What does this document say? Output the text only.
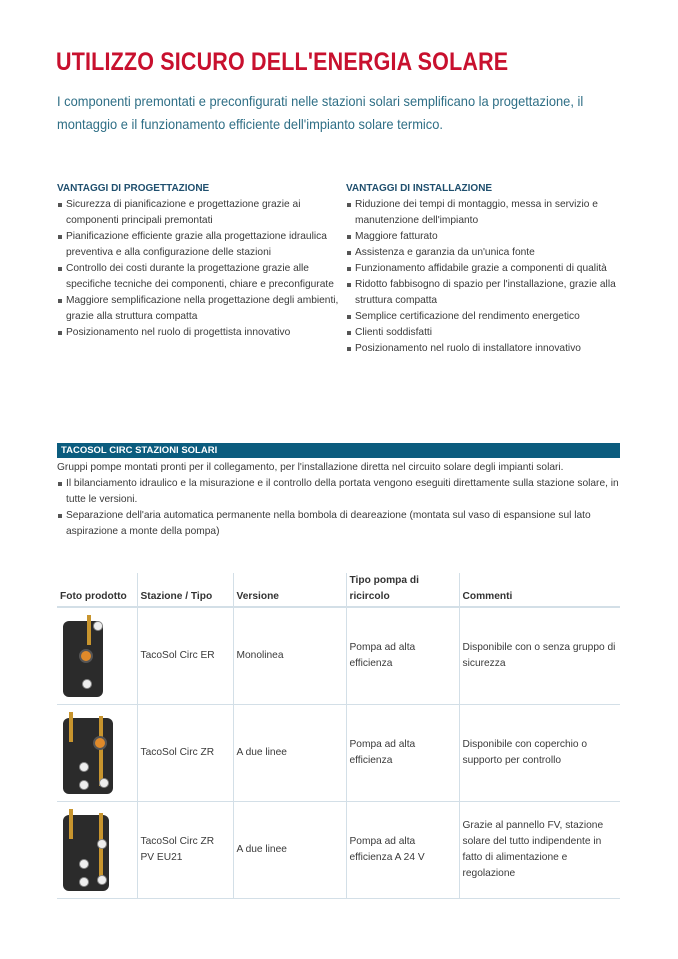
UTILIZZO SICURO DELL'ENERGIA SOLARE
I componenti premontati e preconfigurati nelle stazioni solari semplificano la progettazione, il montaggio e il funzionamento efficiente dell'impianto solare termico.
VANTAGGI DI PROGETTAZIONE
Sicurezza di pianificazione e progettazione grazie ai componenti principali premontati
Pianificazione efficiente grazie alla progettazione idraulica preventiva e alla configurazione delle stazioni
Controllo dei costi durante la progettazione grazie alle specifiche tecniche dei componenti, chiare e preconfigurate
Maggiore semplificazione nella progettazione degli ambienti, grazie alla struttura compatta
Posizionamento nel ruolo di progettista innovativo
VANTAGGI DI INSTALLAZIONE
Riduzione dei tempi di montaggio, messa in servizio e manutenzione dell'impianto
Maggiore fatturato
Assistenza e garanzia da un'unica fonte
Funzionamento affidabile grazie a componenti di qualità
Ridotto fabbisogno di spazio per l'installazione, grazie alla struttura compatta
Semplice certificazione del rendimento energetico
Clienti soddisfatti
Posizionamento nel ruolo di installatore innovativo
TACOSOL CIRC STAZIONI SOLARI

Gruppi pompe montati pronti per il collegamento, per l'installazione diretta nel circuito solare degli impianti solari.

Il bilanciamento idraulico e la misurazione e il controllo della portata vengono eseguiti direttamente sulla stazione solare, in tutte le versioni.
Separazione dell'aria automatica permanente nella bombola di deareazione (montata sul vaso di espansione sul lato aspirazione a monte della pompa)
Foto prodotto	Stazione / Tipo	Versione	Tipo pompa di ricircolo	Commenti

	TacoSol Circ ER	Monolinea	Pompa ad alta efficienza	Disponibile con o senza gruppo di sicurezza

	TacoSol Circ ZR	A due linee	Pompa ad alta efficienza	Disponibile con coperchio o supporto per controllo

	TacoSol Circ ZR PV EU21	A due linee	Pompa ad alta efficienza A 24 V	Grazie al pannello FV, stazione solare del tutto indipendente in fatto di alimentazione e regolazione
